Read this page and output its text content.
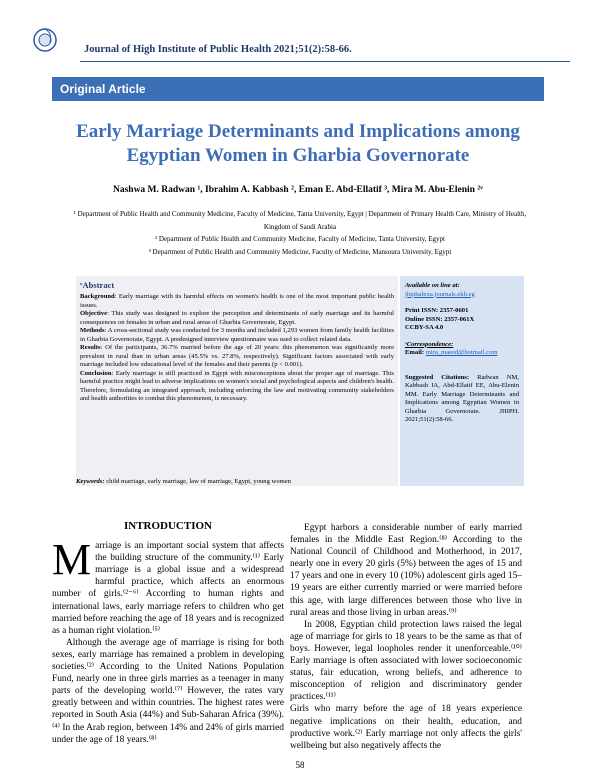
Journal of High Institute of Public Health 2021;51(2):58-66.
Original Article
Early Marriage Determinants and Implications among Egyptian Women in Gharbia Governorate
Nashwa M. Radwan ¹, Ibrahim A. Kabbash ², Eman E. Abd-Ellatif ³, Mira M. Abu-Elenin ²ᵛ
¹ Department of Public Health and Community Medicine, Faculty of Medicine, Tanta University, Egypt | Department of Primary Health Care, Ministry of Health, Kingdom of Saudi Arabia
² Department of Public Health and Community Medicine, Faculty of Medicine, Tanta University, Egypt
³ Department of Public Health and Community Medicine, Faculty of Medicine, Mansoura University, Egypt
ᵛAbstract

Background: Early marriage with its harmful effects on women's health is one of the most important public health issues.

Objective: This study was designed to explore the perception and determinants of early marriage and its harmful consequences on females in urban and rural areas of Gharbia Governorate, Egypt.

Methods: A cross-sectional study was conducted for 3 months and included 1,293 women from family health facilities in Gharbia Governorate, Egypt. A predesigned interview questionnaire was used to collect related data.

Results: Of the participants, 36.7% married before the age of 20 years: this phenomenon was significantly more prevalent in rural than in urban areas (45.5% vs. 27.8%, respectively). Significant factors associated with early marriage included low educational level of the females and their parents (p < 0.001).

Conclusion: Early marriage is still practiced in Egypt with misconceptions about the proper age of marriage. This harmful practice might lead to adverse implications on women's social and psychological aspects and children's health. Therefore, formulating an integrated approach, including enforcing the law and motivating community stakeholders and health authorities to combat this phenomenon, is necessary.

Keywords: child marriage, early marriage, law of marriage, Egypt, young women
Available on line at:
jhiphalexu.journals.ekb.eg
Print ISSN: 2357-0601
Online ISSN: 2357-061X
CCBY-SA 4.0
ᵛCorrespondence:
Email: mira_maeed@hotmail.com
Suggested Citations: Radwan NM, Kabbash IA, Abd-Ellatif EE, Abu-Elenin MM. Early Marriage Determinants and Implications among Egyptian Women in Gharbia Governorate. JHIPH. 2021;51(2):58-66.
INTRODUCTION

Marriage is an important social system that affects the building structure of the community.⁽¹⁾ Early marriage is a global issue and a widespread harmful practice, which affects an enormous number of girls.⁽²⁻⁶⁾ According to human rights and international laws, early marriage refers to children who get married before reaching the age of 18 years and is recognized as a human right violation.⁽⁵⁾

Although the average age of marriage is rising for both sexes, early marriage has remained a problem in developing societies.⁽²⁾ According to the United Nations Population Fund, nearly one in three girls marries as a teenager in many parts of the developing world.⁽⁷⁾ However, the rates vary greatly between and within countries. The highest rates were reported in South Asia (44%) and Sub-Saharan Africa (39%).⁽⁴⁾ In the Arab region, between 14% and 24% of girls married under the age of 18 years.⁽⁸⁾

Egypt harbors a considerable number of early married females in the Middle East Region.⁽⁸⁾ According to the National Council of Childhood and Motherhood, in 2017, nearly one in every 20 girls (5%) between the ages of 15 and 17 years and one in every 10 (10%) adolescent girls aged 15–19 years are either currently married or were married before this age, with large differences between those who live in rural areas and those living in urban areas.⁽⁹⁾

In 2008, Egyptian child protection laws raised the legal age of marriage for girls to 18 years to be the same as that of boys. However, legal loopholes render it unenforceable.⁽¹⁰⁾ Early marriage is often associated with lower socioeconomic status, fair education, wrong beliefs, and adherence to misconception of religion and discriminatory gender practices.⁽¹¹⁾

Girls who marry before the age of 18 years experience negative implications on their health, education, and productive work.⁽²⁾ Early marriage not only affects the girls' wellbeing but also negatively affects the

58
